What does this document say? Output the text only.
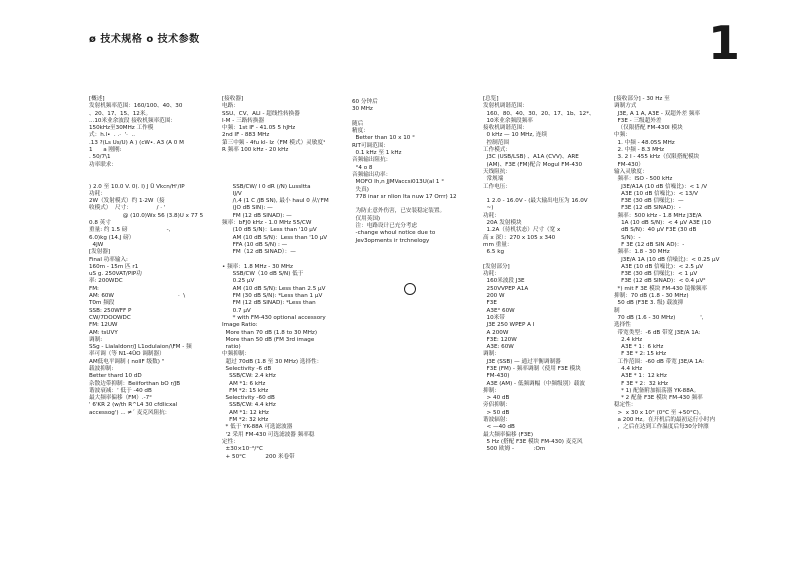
ø 技术规格 o 技术参数	1
[概述]
发射机频率范围：160/100、40、30
、20、17、15、12米。
...10米业余波段 接收机频率范围：
150kHz至30MHz 工作模
式：h.l•  . .·  '·  ..
.13 ?(Ls Us/U) A ) (cW•. A3 (A 0 M
1      a 刚刚:
. 50/7\1
功率联求：
) 2.0 至 10.0 V. 0(. I) J Ü Vkcn/Hʻ/IP
功耗：
2W（发射模式）约 1·2W（接
收模式）  尺寸：              / · '
@ (10.0)Wx 56 (3.8)U x 77 5
0.8 英寸
重量: 约 1.5 磅                      -,
6.0)kg (14.J 磅）
4JW
[发射器]
Final 功率输入:
160m - 15m 匹 r1
uS g. 250VAT/PIP功
率: 200WDC
FM:
AM: 60W                                    ·  \
T0m 频段
SSB: 250WFF P
CW/7DOOWDC
FM: 12UW
AM: tsUVY
调制:
SSg - Lialaldonr/J L1odulaion/\FM - 频
率可调（等 N1-4ÜO 调制器）
AM低电平调制 ( nolIF 级数) "
载波抑制:
Better thard 10 dD
杂散边带抑制：Beiiforthan bO r/JB
谐波衰减：‘ 低于 -40 dB
最大频率偏移（FM）.-7°
' 6'KR 2 (w/th R^L4 30 cfdlicxal
accessog') ... ≠ˊ 麦克风阻抗：
[接收器]
电路：
SSU、CV、ALI - 超线性转换器
I-M - 三路转换器
中频：1st IF - 41.05 5 hJHz
2nd IF - 883 MHz
第三中频 - 4fu kl- Iz（FM 模式）灵敏度¹
R 频率 100 kHz - 20 kHz
SSB/CW/ I 0 dR (/N) Lussltta
IJ/V
/\.4 (1 C /JB SN), 最小 hauI 0 从\'FM
(JO dB SIN): —
FM (12 dB SINAD): —
频率：bFJ0 kHz - 1.0 MHz 55/CW
(10 dB S/N)：Less than '10 μV
AM (10 dB S/N)：Less than '10 μV
FFA (10 dB S/N) : —
FM（12 dB SINAD）：—
• 频率：1.8 MHz - 30 MHz
SSB/CW（10 dB S/N) 低于
0.25 μV
AM (10 dB S/N): Less than 2.5 μV
FM (30 dB S/N): *Less than 1 μV
FM (12 dB SINAD): *Less than
0.7 μV
* with FM-430 optional accessory
Image Ratio:
More than 70 dB (1.8 to 30 MHz)
More than 50 dB (FM 3rd image
ratio)
中频抑制：
超过 70dB (1.8 至 30 MHz) 选择性：
Selectivity -6 dB
SSB/CW: 2.4 kHz
AM *1: 6 kHz
FM *2: 15 kHz
Selectivity -60 dB
SSB/CW: 4.4 kHz
AM *1: 12 kHz
FM *2: 32 kHz
* 低于 YK-88A 可选滤波器
'2 采用 FM-430 可选滤波器 频率稳
定性：
±30×10⁻⁶/°C
+ 50°C           200 米卷带
60 分钟后
30 MHz
随后
精度：
Better than 10 x 10 °
RIT可调范围：
0.1 kHz 至 1 kHz
音频输出阻抗：
°4 o 8
音频输出功率：
MOFO Ih,n JJMVaccsi013U(aI 1 °
失真)
778 inar sr nlion Ita nuw 17 Orrr) 12
为防止意外伤害，已安装稳定装置。
仅用英国)
注：电路设计已充分考虑
-change whoul notice due to
Jev3opments ir trchnelogy
[总览]
发射机调谐范围：
160、80、40、30、20、17、1b、12*、
10米业余频段频率
接收机调谐范围：
0 kHz — 10 MHz, 连续
控制范围
工作模式：
J3C (USB/LSB) 、A1A (CVV)、ARE
(AM)、F3E (FM)配合 Mogul FM-430
天线阻抗：
常规端
工作电压：
1 2.0 - 16.0V - (最大输出电压为 16.0V
~)
功耗：
20A 发射模块
1.2A（待机状态）尺寸（宽 x
高 x 深）：270 x 105 x 340
mm 重量：
6.5 kg
[发射部分]
功耗：
160米波段 J3E
250VVPEP A1A
200 W
F3E
A3E° 60W
10米带
J3E 250 WPEP A I
A 200W
F3E: 120W
A3E: 60W
调制：
J3E (SSB) — 通过平衡调制器
F3E (FM) - 频率调制（使用 F3E 模块
FM-430)
A3E (AM) - 低频调幅（中频级别）载波
抑制：
> 40 dB
旁侣抑制：
> 50 dB
谐波辐射：
< —40 dB
最大频率偏移 (F3E)
5 Hz (搭配 F3E 模块 FM-430) 麦克风
500 欧姆 -           :Om
[接收部分] - 30 Hz 至
调制方式
J3E, A 1 A, A3E - 双超外差 频率
F3E - 三级超外差
（仅限搭配 FM-430I 模块
中频：
1. 中频 - 48.05S MHz
2. 中频 - 8.3 MHz
3. 2 I - 455 kHz（仅限搭配模块
FM-430）
输入灵敏度：
频率：ISO - 500 kHz
J3E/A1A (10 dB 信噪比)：< 1 /V
A3E (10 dB 信噪比)：< 13/V
F3E (30 dB 信噪比)：—
F3E (12 dB SINAD)：-
频率：500 kHz - 1.8 MHz J3E/A
1A (10 dB S/N)：< 4 μV A3E (10
dB S/N)：40 μV F3E (30 dB
S/N)：-
F 3E (12 dB SIN AD)：-
频率：1.8 - 30 MHz
J3E/A 1A (10 dB 信噪比)：< 0.25 μV
A3E (10 dB 信噪比)：< 2.5 μV
F3E (30 dB 信噪比)：< 1 μV
F3E (12 dB SINAD)：< 0.4 μV²
*) mit F 3E 模块 FM-430 镜像频率
抑制：70 dB (1.8 - 30 MHz)
50 dB (F3E 3. 级) 载波抑
制
70 dB (1.6 - 30 MHz)              ',
选择性
带宽类型：-6 dB 带宽 J3E/A 1A:
2.4 kHz
A3E * 1：6 kHz
F 3E * 2: 15 kHz
工作范围：-60 dB 带宽 J3E/A 1A:
4.4 kHz
A3E * 1：12 kHz
F 3E * 2：32 kHz
* 1) 配备附加振荡器 YK-88A。
* 2 配备 F3E 模块 FM-430 频率
稳定性：
>  x 30 x 10° (0°C 至 +50°C)。
a 200 Hz。在开机后的最初运行小时内
，之后在达到工作温度后每30分钟漂
